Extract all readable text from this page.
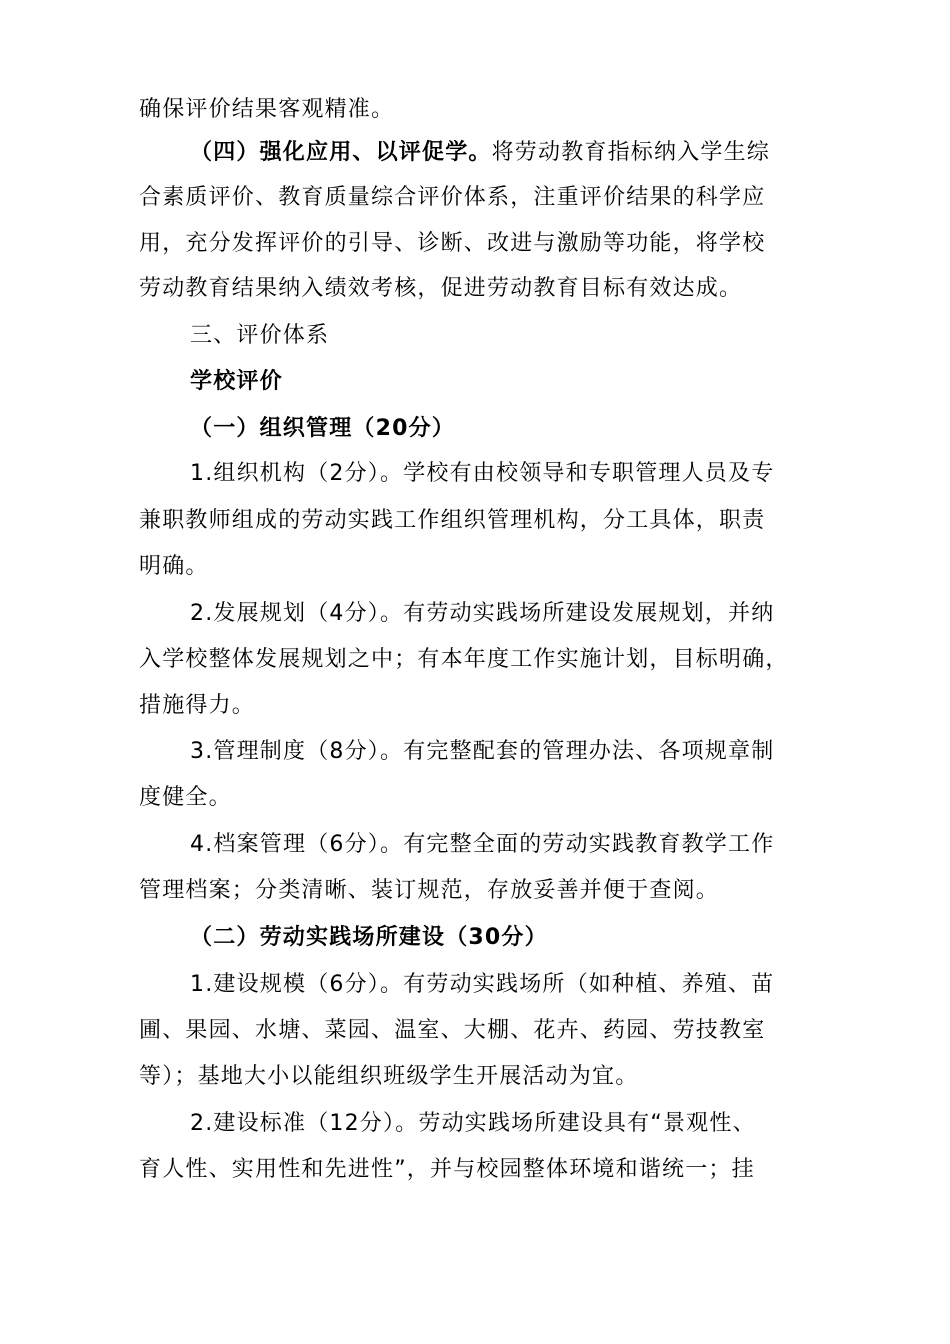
确保评价结果客观精准。
（四）强化应用、以评促学。将劳动教育指标纳入学生综
合素质评价、教育质量综合评价体系，注重评价结果的科学应
用，充分发挥评价的引导、诊断、改进与激励等功能，将学校
劳动教育结果纳入绩效考核，促进劳动教育目标有效达成。
三、评价体系
学校评价
（一）组织管理（20分）
1.组织机构（2分）。学校有由校领导和专职管理人员及专
兼职教师组成的劳动实践工作组织管理机构，分工具体，职责
明确。
2.发展规划（4分）。有劳动实践场所建设发展规划，并纳
入学校整体发展规划之中；有本年度工作实施计划，目标明确，
措施得力。
3.管理制度（8分）。有完整配套的管理办法、各项规章制
度健全。
4.档案管理（6分）。有完整全面的劳动实践教育教学工作
管理档案；分类清晰、装订规范，存放妥善并便于查阅。
（二）劳动实践场所建设（30分）
1.建设规模（6分）。有劳动实践场所（如种植、养殖、苗
圃、果园、水塘、菜园、温室、大棚、花卉、药园、劳技教室
等）；基地大小以能组织班级学生开展活动为宜。
2.建设标准（12分）。劳动实践场所建设具有“景观性、
育人性、实用性和先进性”，并与校园整体环境和谐统一；挂
